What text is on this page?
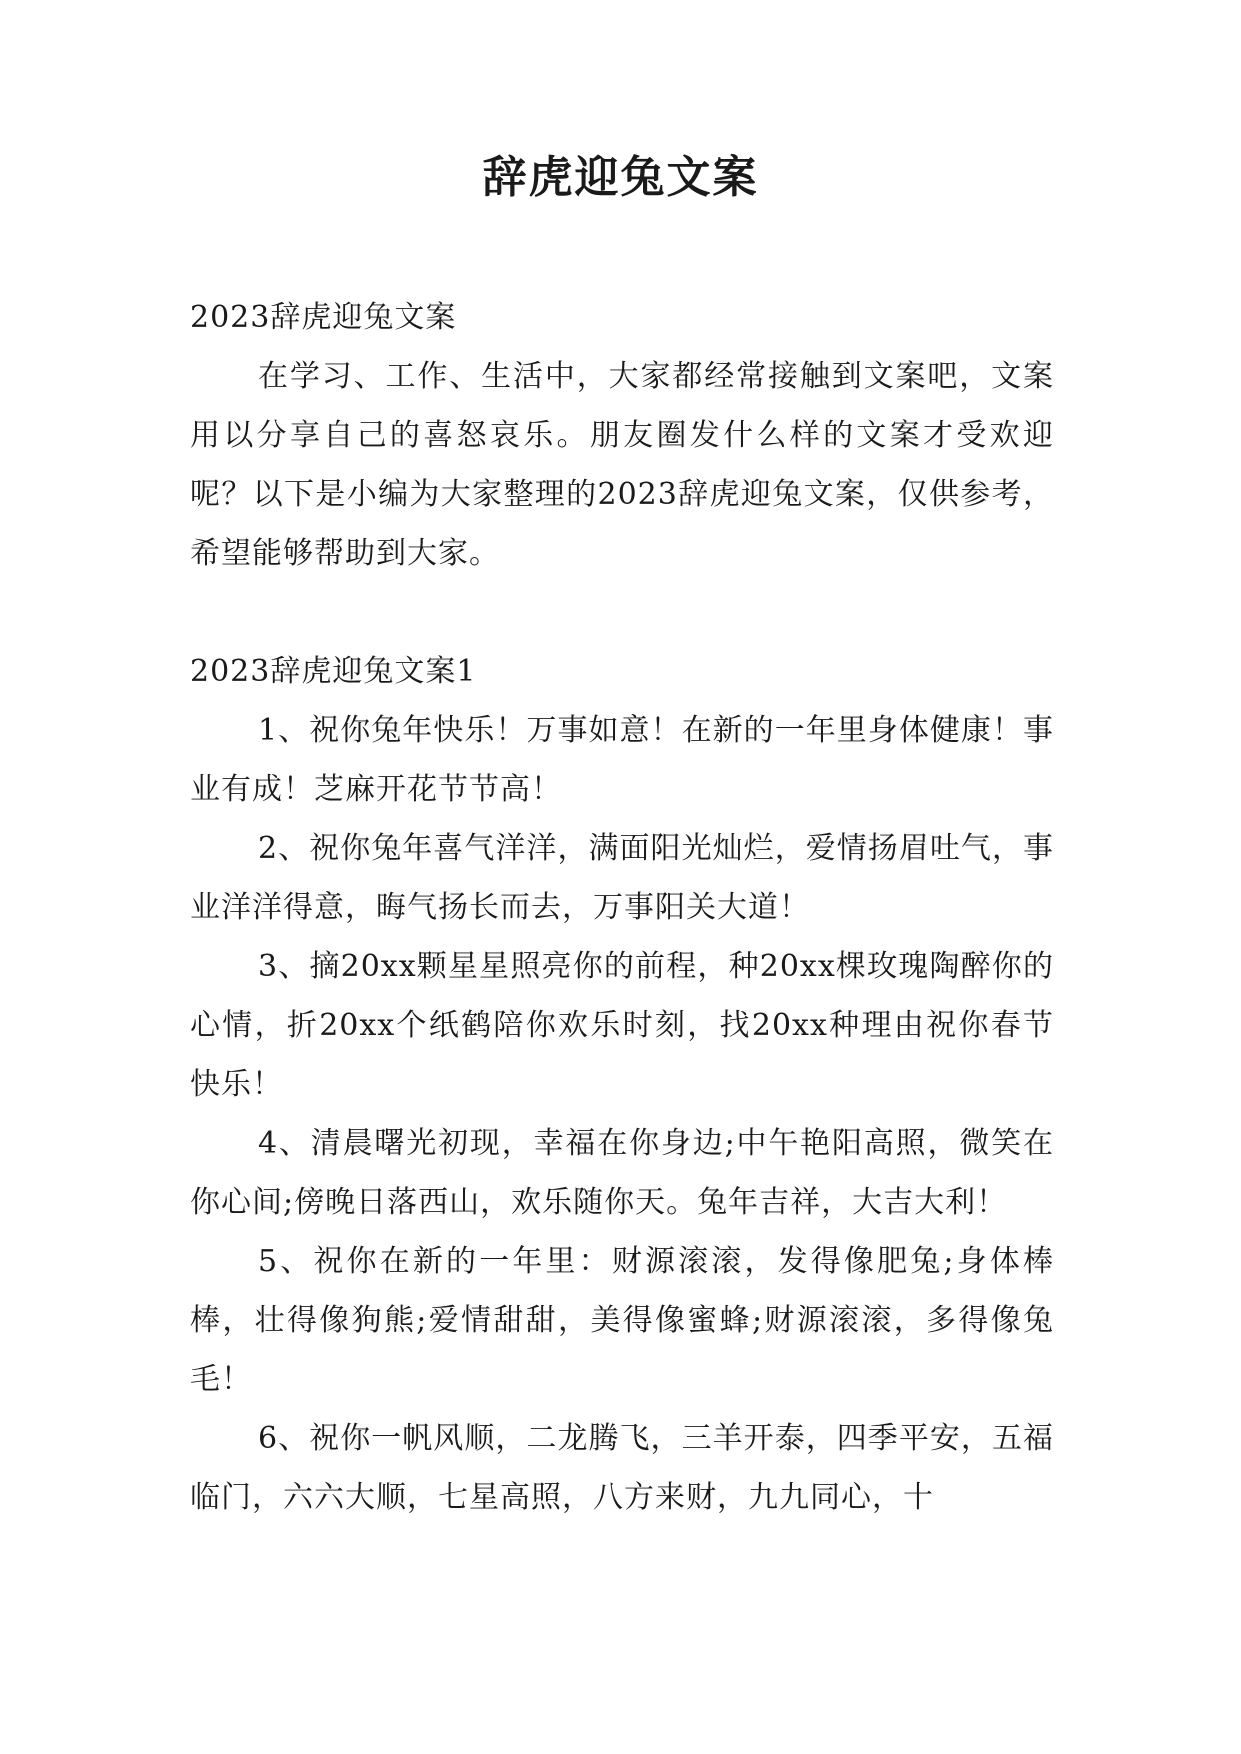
辞虎迎兔文案

2023辞虎迎兔文案

在学习、工作、生活中，大家都经常接触到文案吧，文案用以分享自己的喜怒哀乐。朋友圈发什么样的文案才受欢迎呢？以下是小编为大家整理的2023辞虎迎兔文案，仅供参考，希望能够帮助到大家。

2023辞虎迎兔文案1

1、祝你兔年快乐！万事如意！在新的一年里身体健康！事业有成！芝麻开花节节高！

2、祝你兔年喜气洋洋，满面阳光灿烂，爱情扬眉吐气，事业洋洋得意，晦气扬长而去，万事阳关大道！

3、摘20xx颗星星照亮你的前程，种20xx棵玫瑰陶醉你的心情，折20xx个纸鹤陪你欢乐时刻，找20xx种理由祝你春节快乐！

4、清晨曙光初现，幸福在你身边;中午艳阳高照，微笑在你心间;傍晚日落西山，欢乐随你天。兔年吉祥，大吉大利！

5、祝你在新的一年里：财源滚滚，发得像肥兔;身体棒棒，壮得像狗熊;爱情甜甜，美得像蜜蜂;财源滚滚，多得像兔毛！

6、祝你一帆风顺，二龙腾飞，三羊开泰，四季平安，五福临门，六六大顺，七星高照，八方来财，九九同心，十
